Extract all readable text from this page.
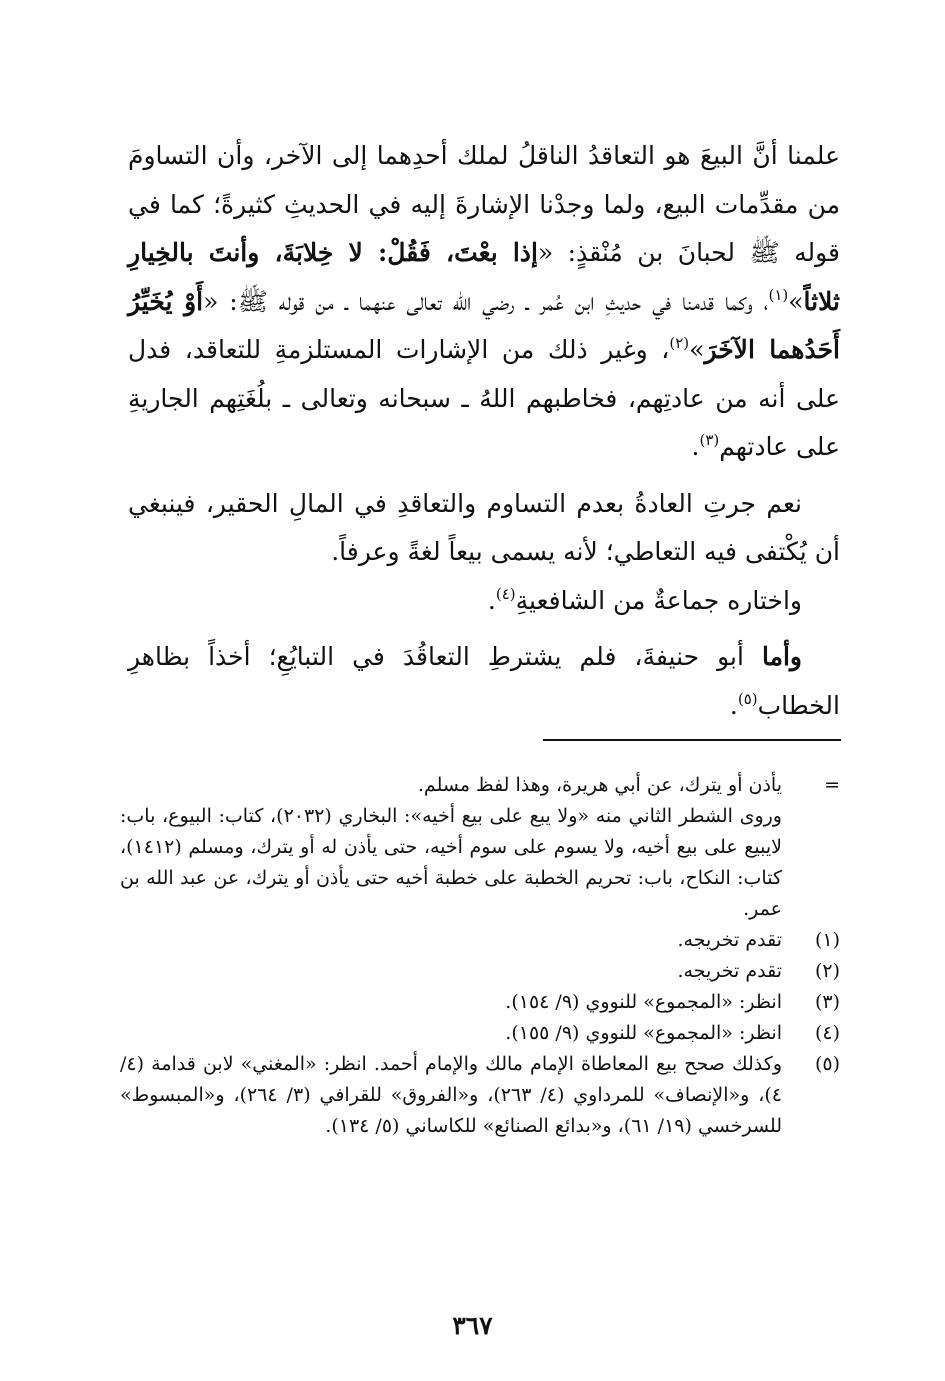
علمنا أنَّ البيعَ هو التعاقدُ الناقلُ لملك أحدِهما إلى الآخر، وأن التساومَ من مقدِّمات البيع، ولما وجدْنا الإشارةَ إليه في الحديثِ كثيرةً؛ كما في قوله ﷺ لحبانَ بن مُنْقذٍ: «إذا بعْتَ، فَقُلْ: لا خِلابَةَ، وأنتَ بالخِيارِ ثلاثاً»$^{(١)}$، وكما قدمنا في حديثِ ابن عُمر ـ رضي الله تعالى عنهما ـ من قوله ﷺ: «أَوْ يُخَيِّرُ أَحَدُهما الآخَرَ»$^{(٢)}$، وغير ذلك من الإشارات المستلزمةِ للتعاقد، فدل على أنه من عادتِهم، فخاطبهم اللهُ ـ سبحانه وتعالى ـ بلُغَتِهم الجاريةِ على عادتهم$^{(٣)}$.

نعم جرتِ العادةُ بعدم التساوم والتعاقدِ في المالِ الحقير، فينبغي أن يُكْتفى فيه التعاطي؛ لأنه يسمى بيعاً لغةً وعرفاً.

واختاره جماعةٌ من الشافعيةِ$^{(٤)}$.

وأما أبو حنيفةَ، فلم يشترطِ التعاقُدَ في التبايُعِ؛ أخذاً بظاهرِ الخطاب$^{(٥)}$.

=

يأذن أو يترك، عن أبي هريرة، وهذا لفظ مسلم.

وروى الشطر الثاني منه «ولا يبع على بيع أخيه»: البخاري (٢٠٣٢)، كتاب: البيوع، باب: لايبيع على بيع أخيه، ولا يسوم على سوم أخيه، حتى يأذن له أو يترك، ومسلم (١٤١٢)، كتاب: النكاح، باب: تحريم الخطبة على خطبة أخيه حتى يأذن أو يترك، عن عبد الله بن عمر.

(١)
تقدم تخريجه.
(٢)
تقدم تخريجه.
(٣)
انظر: «المجموع» للنووي (٩/ ١٥٤).
(٤)
انظر: «المجموع» للنووي (٩/ ١٥٥).
(٥)
وكذلك صحح بيع المعاطاة الإمام مالك والإمام أحمد. انظر: «المغني» لابن قدامة (٤/ ٤)، و«الإنصاف» للمرداوي (٤/ ٢٦٣)، و«الفروق» للقرافي (٣/ ٢٦٤)، و«المبسوط» للسرخسي (١٩/ ٦١)، و«بدائع الصنائع» للكاساني (٥/ ١٣٤).
٣٦٧
